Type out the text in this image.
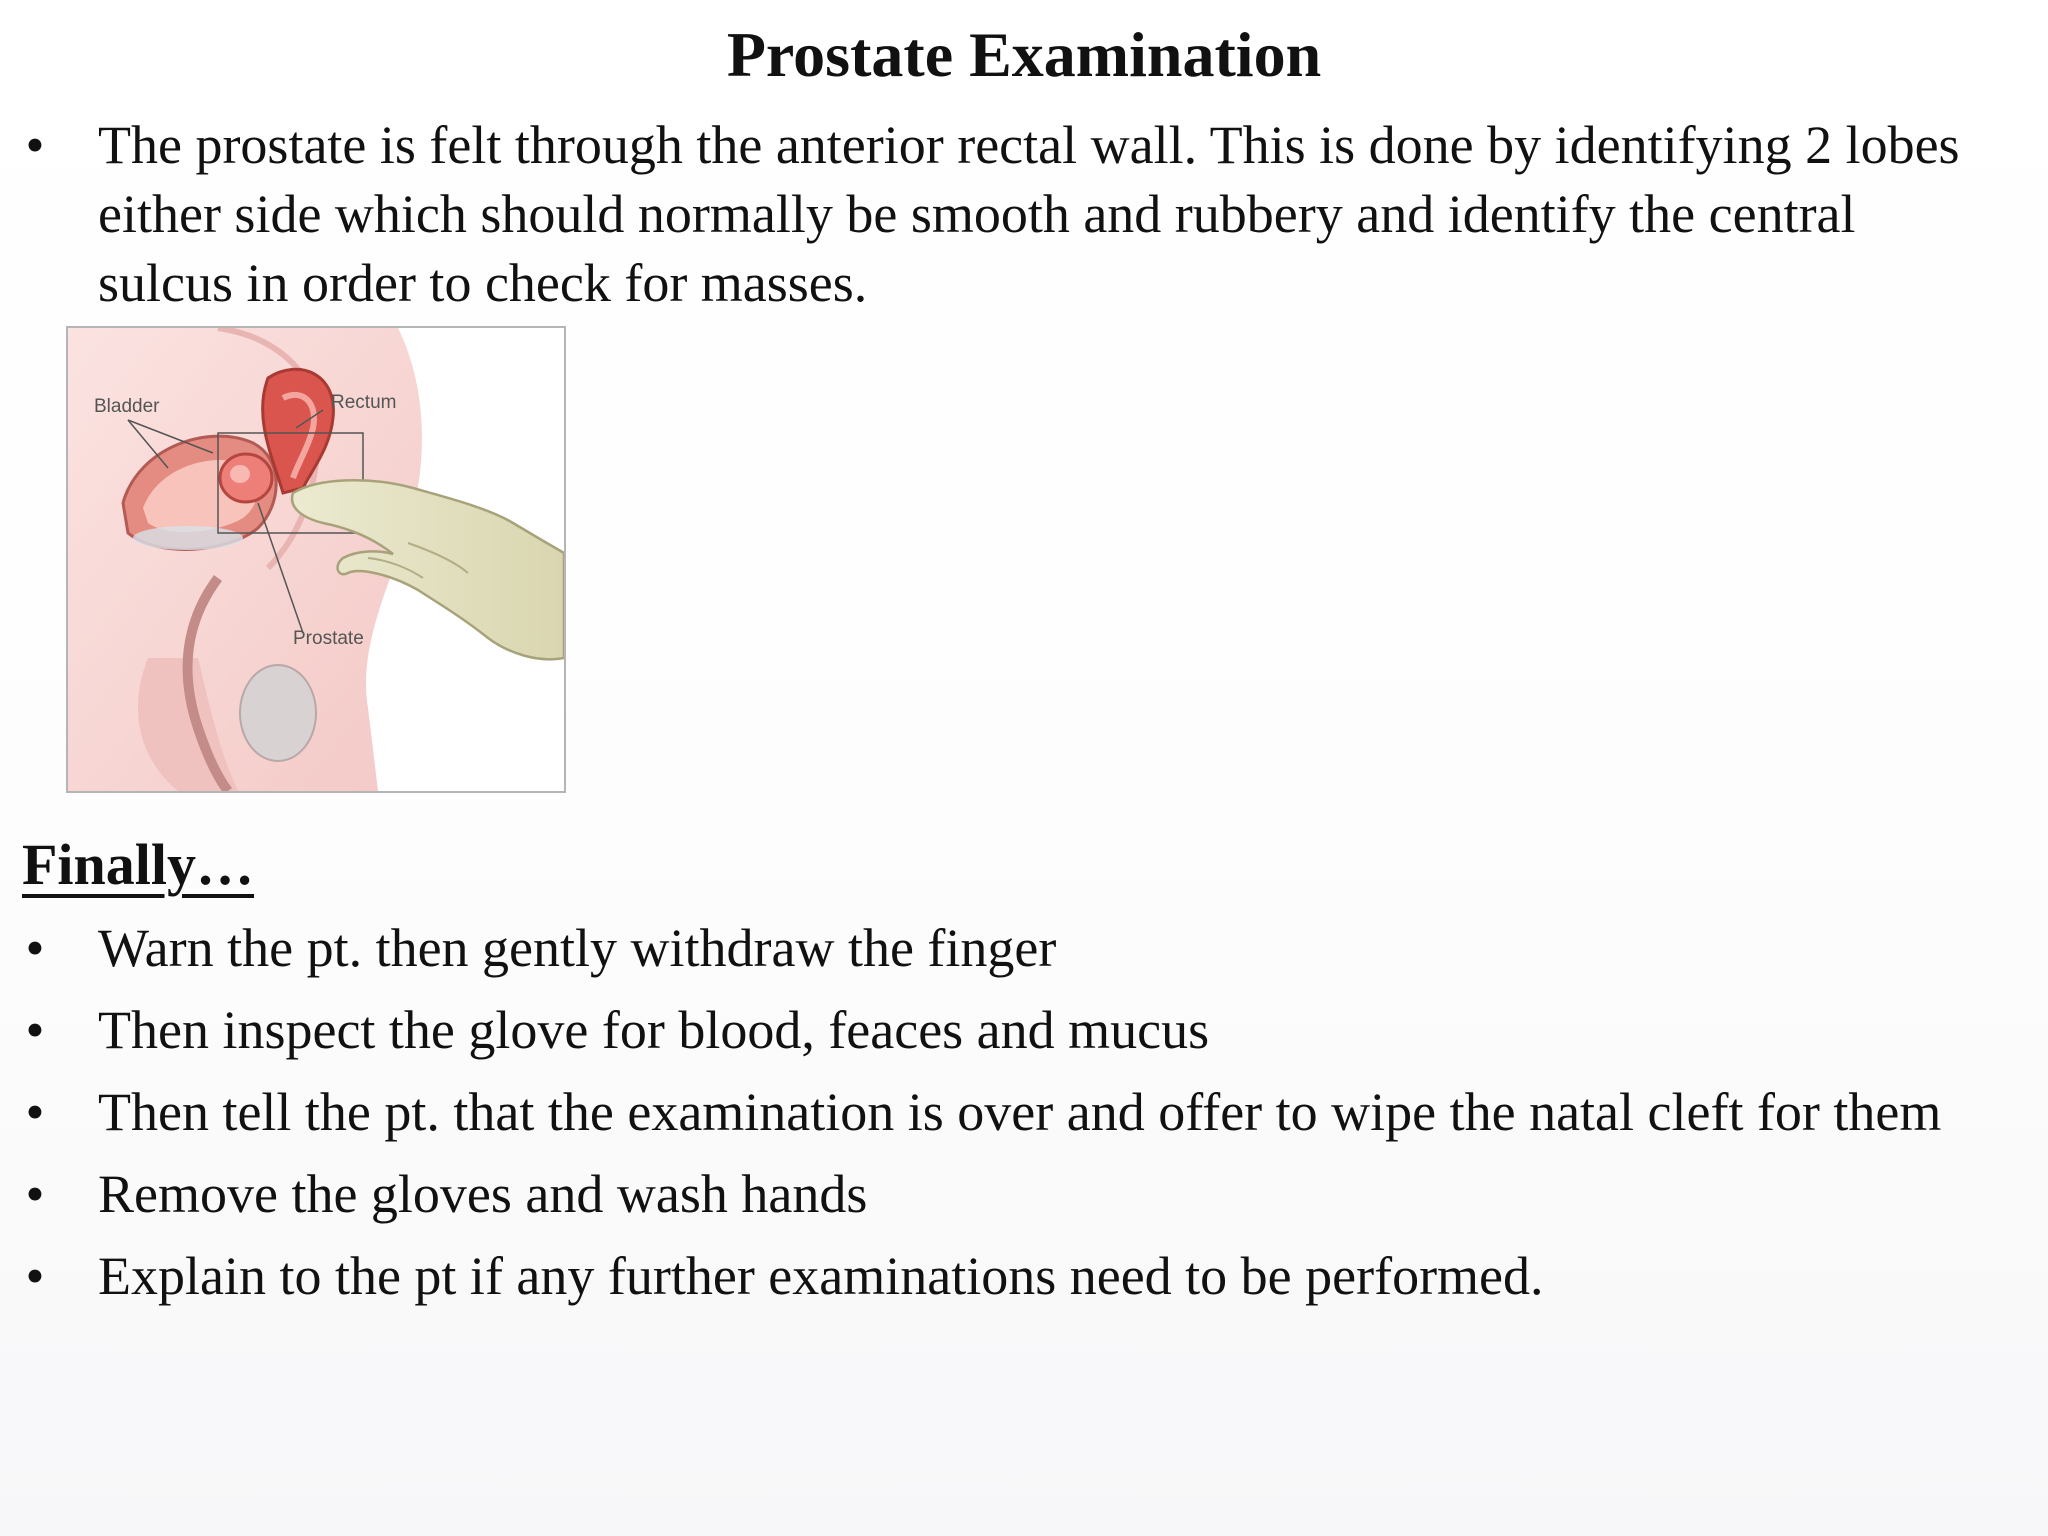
Prostate Examination
• The prostate is felt through the anterior rectal wall. This is done by identifying 2 lobes either side which should normally be smooth and rubbery and identify the central sulcus in order to check for masses.
Bladder	Rectum
Prostate
Finally…
• Warn the pt. then gently withdraw the finger
• Then inspect the glove for blood, feaces and mucus
• Then tell the pt. that the examination is over and offer to wipe the natal cleft for them
• Remove the gloves and wash hands
• Explain to the pt if any further examinations need to be performed.
